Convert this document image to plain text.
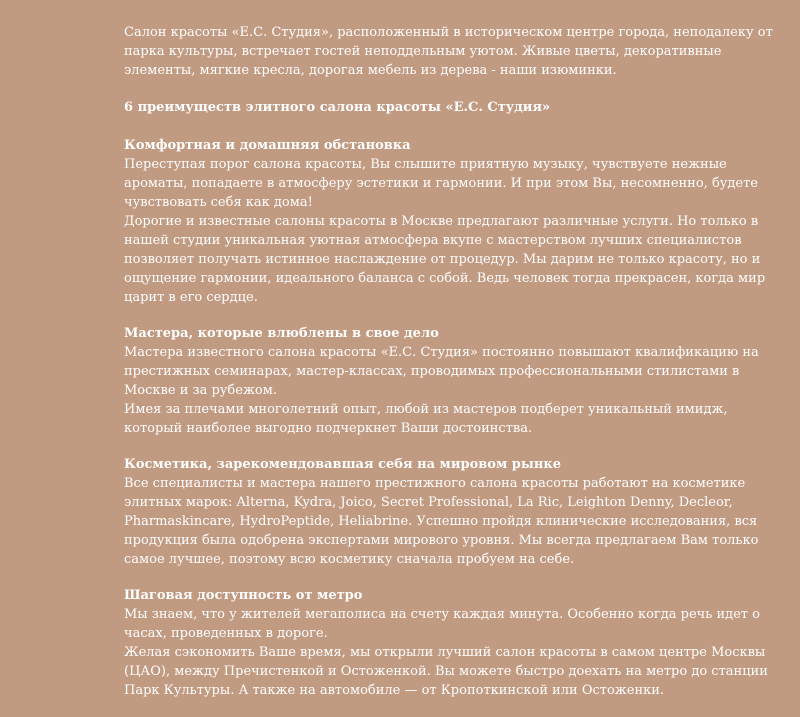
Салон красоты «Е.С. Студия», расположенный в историческом центре города, неподалеку от парка культуры, встречает гостей неподдельным уютом. Живые цветы, декоративные элементы, мягкие кресла, дорогая мебель из дерева - наши изюминки.

6 преимуществ элитного салона красоты «Е.С. Студия»

Комфортная и домашняя обстановка

Переступая порог салона красоты, Вы слышите приятную музыку, чувствуете нежные ароматы, попадаете в атмосферу эстетики и гармонии. И при этом Вы, несомненно, будете чувствовать себя как дома!

Дорогие и известные салоны красоты в Москве предлагают различные услуги. Но только в нашей студии уникальная уютная атмосфера вкупе с мастерством лучших специалистов позволяет получать истинное наслаждение от процедур. Мы дарим не только красоту, но и ощущение гармонии, идеального баланса с собой. Ведь человек тогда прекрасен, когда мир царит в его сердце.

Мастера, которые влюблены в свое дело

Мастера известного салона красоты «Е.С. Студия» постоянно повышают квалификацию на престижных семинарах, мастер-классах, проводимых профессиональными стилистами в Москве и за рубежом.

Имея за плечами многолетний опыт, любой из мастеров подберет уникальный имидж, который наиболее выгодно подчеркнет Ваши достоинства.

Косметика, зарекомендовавшая себя на мировом рынке

Все специалисты и мастера нашего престижного салона красоты работают на косметике элитных марок: Alterna, Kydra, Joico, Secret Professional, La Ric, Leighton Denny, Decleor, Pharmaskincare, HydroPeptide, Heliabrine. Успешно пройдя клинические исследования, вся продукция была одобрена экспертами мирового уровня. Мы всегда предлагаем Вам только самое лучшее, поэтому всю косметику сначала пробуем на себе.

Шаговая доступность от метро

Мы знаем, что у жителей мегаполиса на счету каждая минута. Особенно когда речь идет о часах, проведенных в дороге.

Желая сэкономить Ваше время, мы открыли лучший салон красоты в самом центре Москвы (ЦАО), между Пречистенкой и Остоженкой. Вы можете быстро доехать на метро до станции Парк Культуры. А также на автомобиле — от Кропоткинской или Остоженки.
